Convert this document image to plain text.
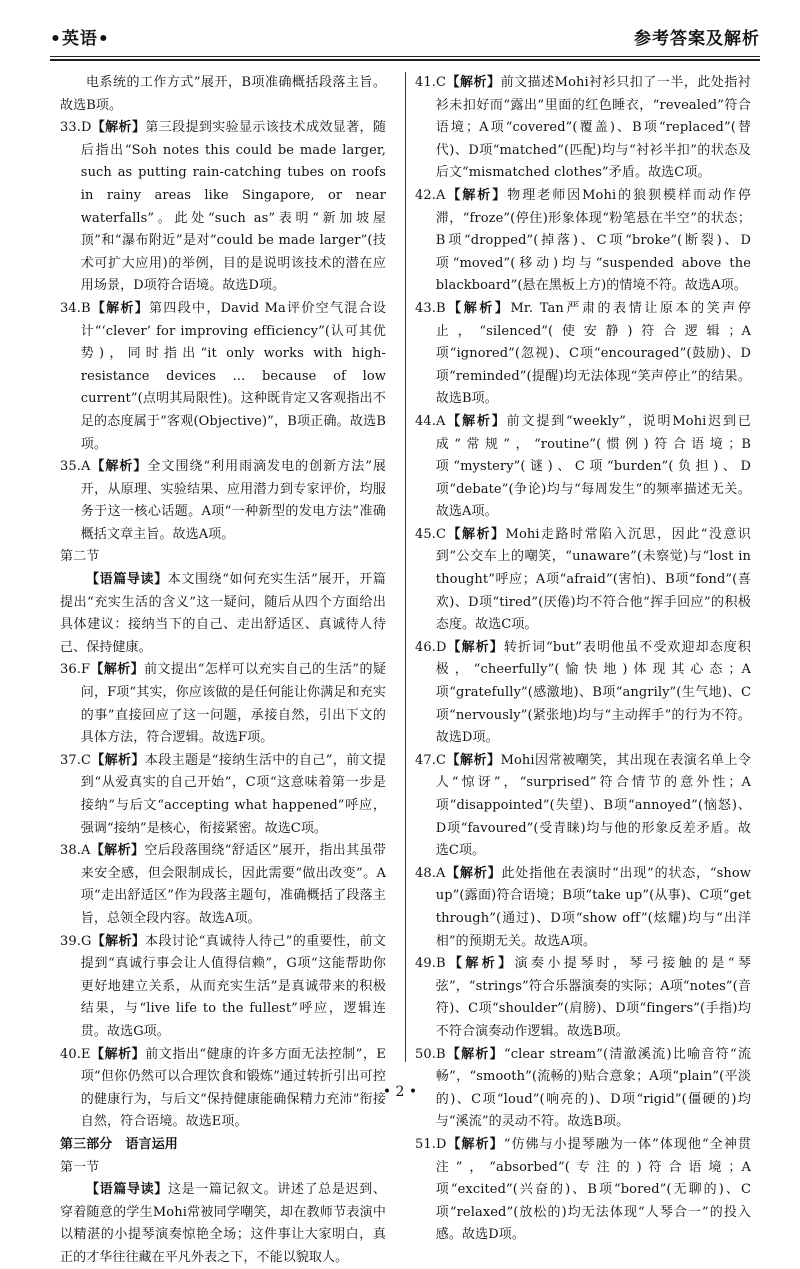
•英语•	参考答案及解析

电系统的工作方式”展开，B项准确概括段落主旨。故选B项。

33.D【解析】第三段提到实验显示该技术成效显著，随后指出“Soh notes this could be made larger, such as putting rain-catching tubes on roofs in rainy areas like Singapore, or near waterfalls”。此处“such as”表明“新加坡屋顶”和“瀑布附近”是对“could be made larger”(技术可扩大应用)的举例，目的是说明该技术的潜在应用场景，D项符合语境。故选D项。

34.B【解析】第四段中，David Ma评价空气混合设计“‘clever’ for improving efficiency”(认可其优势)，同时指出“it only works with high-resistance devices ... because of low current”(点明其局限性)。这种既肯定又客观指出不足的态度属于“客观(Objective)”，B项正确。故选B项。

35.A【解析】全文围绕“利用雨滴发电的创新方法”展开，从原理、实验结果、应用潜力到专家评价，均服务于这一核心话题。A项“一种新型的发电方法”准确概括文章主旨。故选A项。

第二节

【语篇导读】本文围绕“如何充实生活”展开，开篇提出“充实生活的含义”这一疑问，随后从四个方面给出具体建议：接纳当下的自己、走出舒适区、真诚待人待己、保持健康。

36.F【解析】前文提出“怎样可以充实自己的生活”的疑问，F项“其实，你应该做的是任何能让你满足和充实的事”直接回应了这一问题，承接自然，引出下文的具体方法，符合逻辑。故选F项。

37.C【解析】本段主题是“接纳生活中的自己”，前文提到“从爱真实的自己开始”，C项“这意味着第一步是接纳”与后文“accepting what happened”呼应，强调“接纳”是核心，衔接紧密。故选C项。

38.A【解析】空后段落围绕“舒适区”展开，指出其虽带来安全感，但会限制成长，因此需要“做出改变”。A项“走出舒适区”作为段落主题句，准确概括了段落主旨，总领全段内容。故选A项。

39.G【解析】本段讨论“真诚待人待己”的重要性，前文提到“真诚行事会让人值得信赖”，G项“这能帮助你更好地建立关系，从而充实生活”是真诚带来的积极结果，与“live life to the fullest”呼应，逻辑连贯。故选G项。

40.E【解析】前文指出“健康的许多方面无法控制”，E项“但你仍然可以合理饮食和锻炼”通过转折引出可控的健康行为，与后文“保持健康能确保精力充沛”衔接自然，符合语境。故选E项。

第三部分　语言运用

第一节

【语篇导读】这是一篇记叙文。讲述了总是迟到、穿着随意的学生Mohi常被同学嘲笑，却在教师节表演中以精湛的小提琴演奏惊艳全场；这件事让大家明白，真正的才华往往藏在平凡外表之下，不能以貌取人。

41.C【解析】前文描述Mohi衬衫只扣了一半，此处指衬衫未扣好而“露出”里面的红色睡衣，“revealed”符合语境；A项“covered”(覆盖)、B项“replaced”(替代)、D项“matched”(匹配)均与“衬衫半扣”的状态及后文“mismatched clothes”矛盾。故选C项。

42.A【解析】物理老师因Mohi的狼狈模样而动作停滞，“froze”(停住)形象体现“粉笔悬在半空”的状态；B项“dropped”(掉落)、C项“broke”(断裂)、D项“moved”(移动)均与“suspended above the blackboard”(悬在黑板上方)的情境不符。故选A项。

43.B【解析】Mr. Tan严肃的表情让原本的笑声停止，“silenced”(使安静)符合逻辑；A项“ignored”(忽视)、C项“encouraged”(鼓励)、D项“reminded”(提醒)均无法体现“笑声停止”的结果。故选B项。

44.A【解析】前文提到“weekly”，说明Mohi迟到已成“常规”，“routine”(惯例)符合语境；B项“mystery”(谜)、C项“burden”(负担)、D项“debate”(争论)均与“每周发生”的频率描述无关。故选A项。

45.C【解析】Mohi走路时常陷入沉思，因此“没意识到”公交车上的嘲笑，“unaware”(未察觉)与“lost in thought”呼应；A项“afraid”(害怕)、B项“fond”(喜欢)、D项“tired”(厌倦)均不符合他“挥手回应”的积极态度。故选C项。

46.D【解析】转折词“but”表明他虽不受欢迎却态度积极，“cheerfully”(愉快地)体现其心态；A项“gratefully”(感激地)、B项“angrily”(生气地)、C项“nervously”(紧张地)均与“主动挥手”的行为不符。故选D项。

47.C【解析】Mohi因常被嘲笑，其出现在表演名单上令人“惊讶”，“surprised”符合情节的意外性；A项“disappointed”(失望)、B项“annoyed”(恼怒)、D项“favoured”(受青睐)均与他的形象反差矛盾。故选C项。

48.A【解析】此处指他在表演时“出现”的状态，“show up”(露面)符合语境；B项“take up”(从事)、C项“get through”(通过)、D项“show off”(炫耀)均与“出洋相”的预期无关。故选A项。

49.B【解析】演奏小提琴时，琴弓接触的是“琴弦”，“strings”符合乐器演奏的实际；A项“notes”(音符)、C项“shoulder”(肩膀)、D项“fingers”(手指)均不符合演奏动作逻辑。故选B项。

50.B【解析】“clear stream”(清澈溪流)比喻音符“流畅”，“smooth”(流畅的)贴合意象；A项“plain”(平淡的)、C项“loud”(响亮的)、D项“rigid”(僵硬的)均与“溪流”的灵动不符。故选B项。

51.D【解析】“仿佛与小提琴融为一体”体现他“全神贯注”，“absorbed”(专注的)符合语境；A项“excited”(兴奋的)、B项“bored”(无聊的)、C项“relaxed”(放松的)均无法体现“人琴合一”的投入感。故选D项。

• 2 •
